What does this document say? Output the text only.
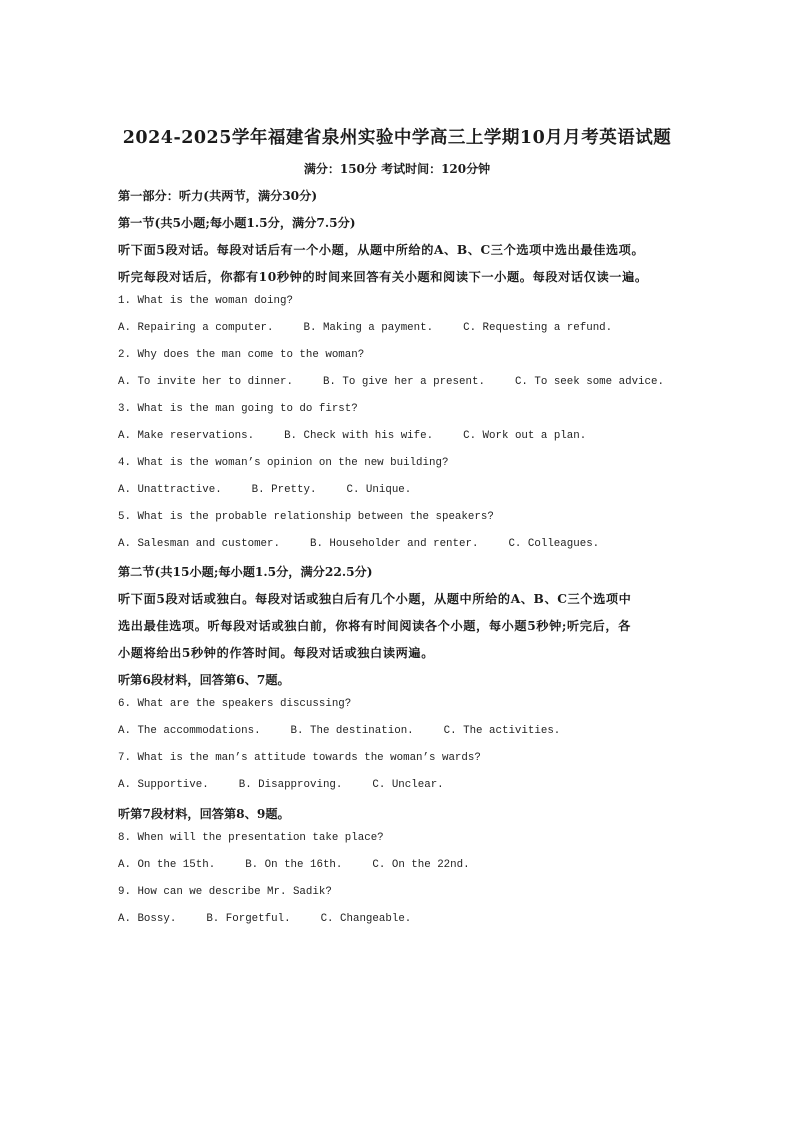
2024-2025学年福建省泉州实验中学高三上学期10月月考英语试题
满分：150分 考试时间：120分钟
第一部分：听力(共两节，满分30分)
第一节(共5小题;每小题1.5分，满分7.5分)
听下面5段对话。每段对话后有一个小题，从题中所给的A、B、C三个选项中选出最佳选项。
听完每段对话后，你都有10秒钟的时间来回答有关小题和阅读下一小题。每段对话仅读一遍。
1. What is the woman doing?
A. Repairing a computer.	B. Making a payment.	C. Requesting a refund.
2. Why does the man come to the woman?
A. To invite her to dinner.	B. To give her a present.	C. To seek some advice.
3. What is the man going to do first?
A. Make reservations.	B. Check with his wife.	C. Work out a plan.
4. What is the woman’s opinion on the new building?
A. Unattractive.	B. Pretty.	C. Unique.
5. What is the probable relationship between the speakers?
A. Salesman and customer.	B. Householder and renter.	C. Colleagues.
第二节(共15小题;每小题1.5分，满分22.5分)
听下面5段对话或独白。每段对话或独白后有几个小题，从题中所给的A、B、C三个选项中
选出最佳选项。听每段对话或独白前，你将有时间阅读各个小题，每小题5秒钟;听完后，各
小题将给出5秒钟的作答时间。每段对话或独白读两遍。
听第6段材料，回答第6、7题。
6. What are the speakers discussing?
A. The accommodations.	B. The destination.	C. The activities.
7. What is the man’s attitude towards the woman’s wards?
A. Supportive.	B. Disapproving.	C. Unclear.
听第7段材料，回答第8、9题。
8. When will the presentation take place?
A. On the 15th.	B. On the 16th.	C. On the 22nd.
9. How can we describe Mr. Sadik?
A. Bossy.	B. Forgetful.	C. Changeable.
